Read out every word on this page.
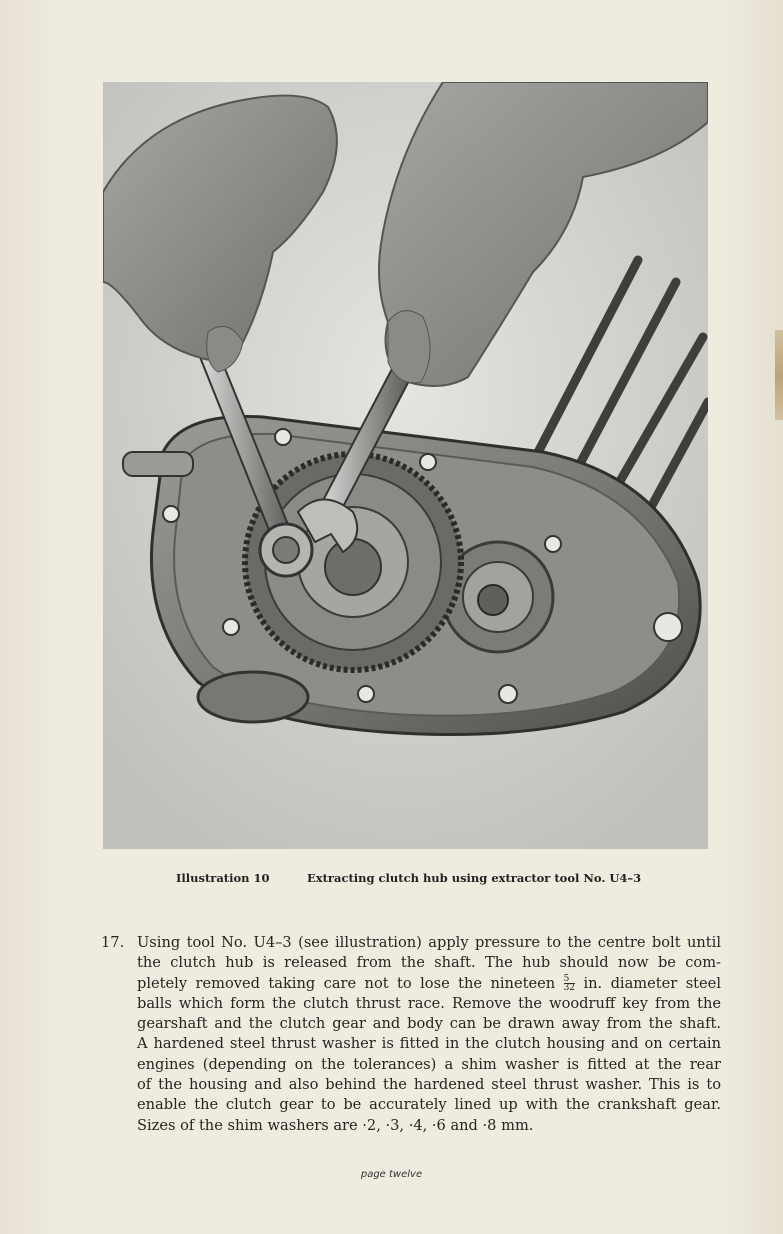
Illustration 10	Extracting clutch hub using extractor tool No. U4–3
17. Using tool No. U4–3 (see illustration) apply pressure to the centre bolt until
the clutch hub is released from the shaft. The hub should now be com-
pletely removed taking care not to lose the nineteen $\frac{5}{32}$ in. diameter steel
balls which form the clutch thrust race. Remove the woodruff key from the
gearshaft and the clutch gear and body can be drawn away from the shaft.
A hardened steel thrust washer is fitted in the clutch housing and on certain
engines (depending on the tolerances) a shim washer is fitted at the rear
of the housing and also behind the hardened steel thrust washer. This is to
enable the clutch gear to be accurately lined up with the crankshaft gear.
Sizes of the shim washers are ·2, ·3, ·4, ·6 and ·8 mm.
page twelve
